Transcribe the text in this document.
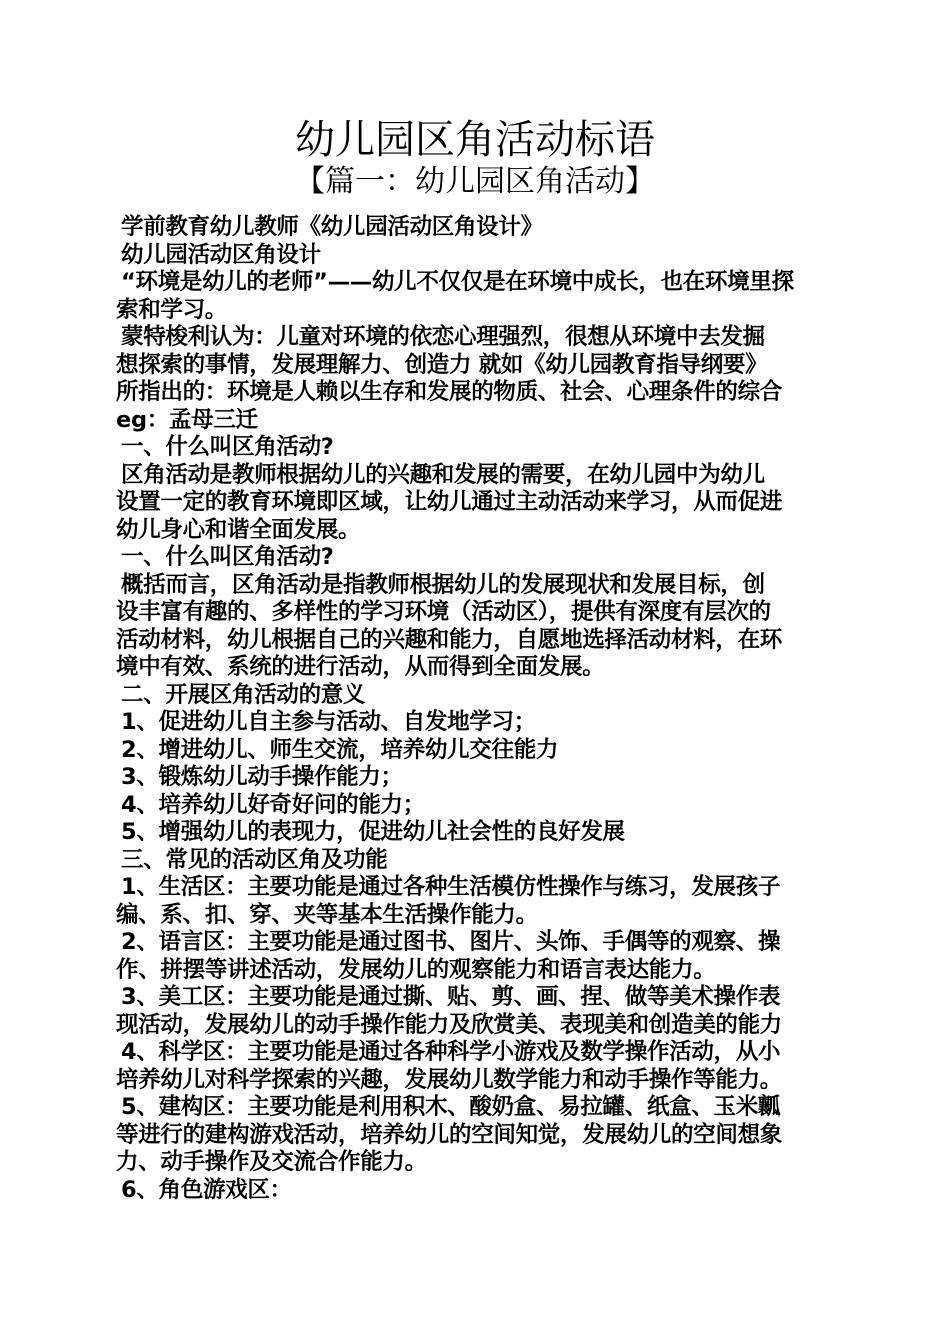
幼儿园区角活动标语
【篇一：幼儿园区角活动】
学前教育幼儿教师《幼儿园活动区角设计》
幼儿园活动区角设计
“环境是幼儿的老师”——幼儿不仅仅是在环境中成长，也在环境里探
索和学习。
蒙特梭利认为：儿童对环境的依恋心理强烈，很想从环境中去发掘
想探索的事情，发展理解力、创造力 就如《幼儿园教育指导纲要》
所指出的：环境是人赖以生存和发展的物质、社会、心理条件的综合
eg：孟母三迁
一、什么叫区角活动?
区角活动是教师根据幼儿的兴趣和发展的需要，在幼儿园中为幼儿
设置一定的教育环境即区域，让幼儿通过主动活动来学习，从而促进
幼儿身心和谐全面发展。
一、什么叫区角活动?
概括而言，区角活动是指教师根据幼儿的发展现状和发展目标，创
设丰富有趣的、多样性的学习环境（活动区），提供有深度有层次的
活动材料，幼儿根据自己的兴趣和能力，自愿地选择活动材料，在环
境中有效、系统的进行活动，从而得到全面发展。
二、开展区角活动的意义
1、促进幼儿自主参与活动、自发地学习；
2、增进幼儿、师生交流，培养幼儿交往能力
3、锻炼幼儿动手操作能力；
4、培养幼儿好奇好问的能力；
5、增强幼儿的表现力，促进幼儿社会性的良好发展
三、常见的活动区角及功能
1、生活区：主要功能是通过各种生活模仿性操作与练习，发展孩子
编、系、扣、穿、夹等基本生活操作能力。
2、语言区：主要功能是通过图书、图片、头饰、手偶等的观察、操
作、拼摆等讲述活动，发展幼儿的观察能力和语言表达能力。
3、美工区：主要功能是通过撕、贴、剪、画、捏、做等美术操作表
现活动，发展幼儿的动手操作能力及欣赏美、表现美和创造美的能力
4、科学区：主要功能是通过各种科学小游戏及数学操作活动，从小
培养幼儿对科学探索的兴趣，发展幼儿数学能力和动手操作等能力。
5、建构区：主要功能是利用积木、酸奶盒、易拉罐、纸盒、玉米瓤
等进行的建构游戏活动，培养幼儿的空间知觉，发展幼儿的空间想象
力、动手操作及交流合作能力。
6、角色游戏区：
